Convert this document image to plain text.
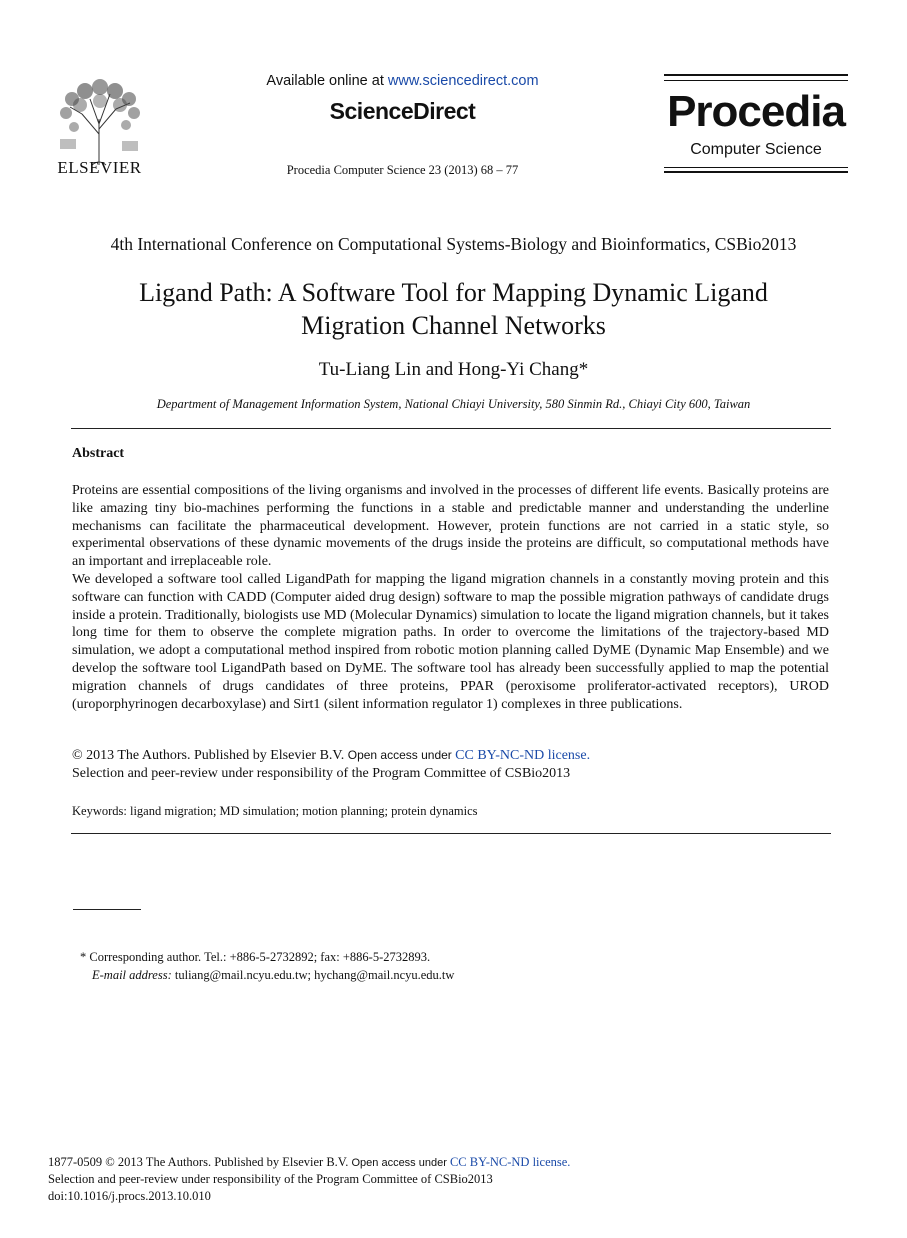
ELSEVIER
Available online at www.sciencedirect.com
ScienceDirect
Procedia Computer Science 23 (2013) 68 – 77
Procedia
Computer Science
4th International Conference on Computational Systems-Biology and Bioinformatics, CSBio2013
Ligand Path: A Software Tool for Mapping Dynamic Ligand
Migration Channel Networks
Tu-Liang Lin and Hong-Yi Chang*
Department of Management Information System, National Chiayi University, 580 Sinmin Rd., Chiayi City 600, Taiwan
Abstract
Proteins are essential compositions of the living organisms and involved in the processes of different life events. Basically proteins are like amazing tiny bio-machines performing the functions in a stable and predictable manner and understanding the underline mechanisms can facilitate the pharmaceutical development. However, protein functions are not carried in a static style, so experimental observations of these dynamic movements of the drugs inside the proteins are difficult, so computational methods have an important and irreplaceable role.
We developed a software tool called LigandPath for mapping the ligand migration channels in a constantly moving protein and this software can function with CADD (Computer aided drug design) software to map the possible migration pathways of candidate drugs inside a protein. Traditionally, biologists use MD (Molecular Dynamics) simulation to locate the ligand migration channels, but it takes long time for them to observe the complete migration paths. In order to overcome the limitations of the trajectory-based MD simulation, we adopt a computational method inspired from robotic motion planning called DyME (Dynamic Map Ensemble) and we develop the software tool LigandPath based on DyME. The software tool has already been successfully applied to map the potential migration channels of drugs candidates of three proteins, PPAR (peroxisome proliferator-activated receptors), UROD (uroporphyrinogen decarboxylase) and Sirt1 (silent information regulator 1) complexes in three publications.
© 2013 The Authors. Published by Elsevier B.V. Open access under CC BY-NC-ND license.
Selection and peer-review under responsibility of the Program Committee of CSBio2013
Keywords: ligand migration; MD simulation; motion planning; protein dynamics
* Corresponding author. Tel.: +886-5-2732892; fax: +886-5-2732893.
E-mail address: tuliang@mail.ncyu.edu.tw; hychang@mail.ncyu.edu.tw
1877-0509 © 2013 The Authors. Published by Elsevier B.V. Open access under CC BY-NC-ND license.
Selection and peer-review under responsibility of the Program Committee of CSBio2013
doi:10.1016/j.procs.2013.10.010
